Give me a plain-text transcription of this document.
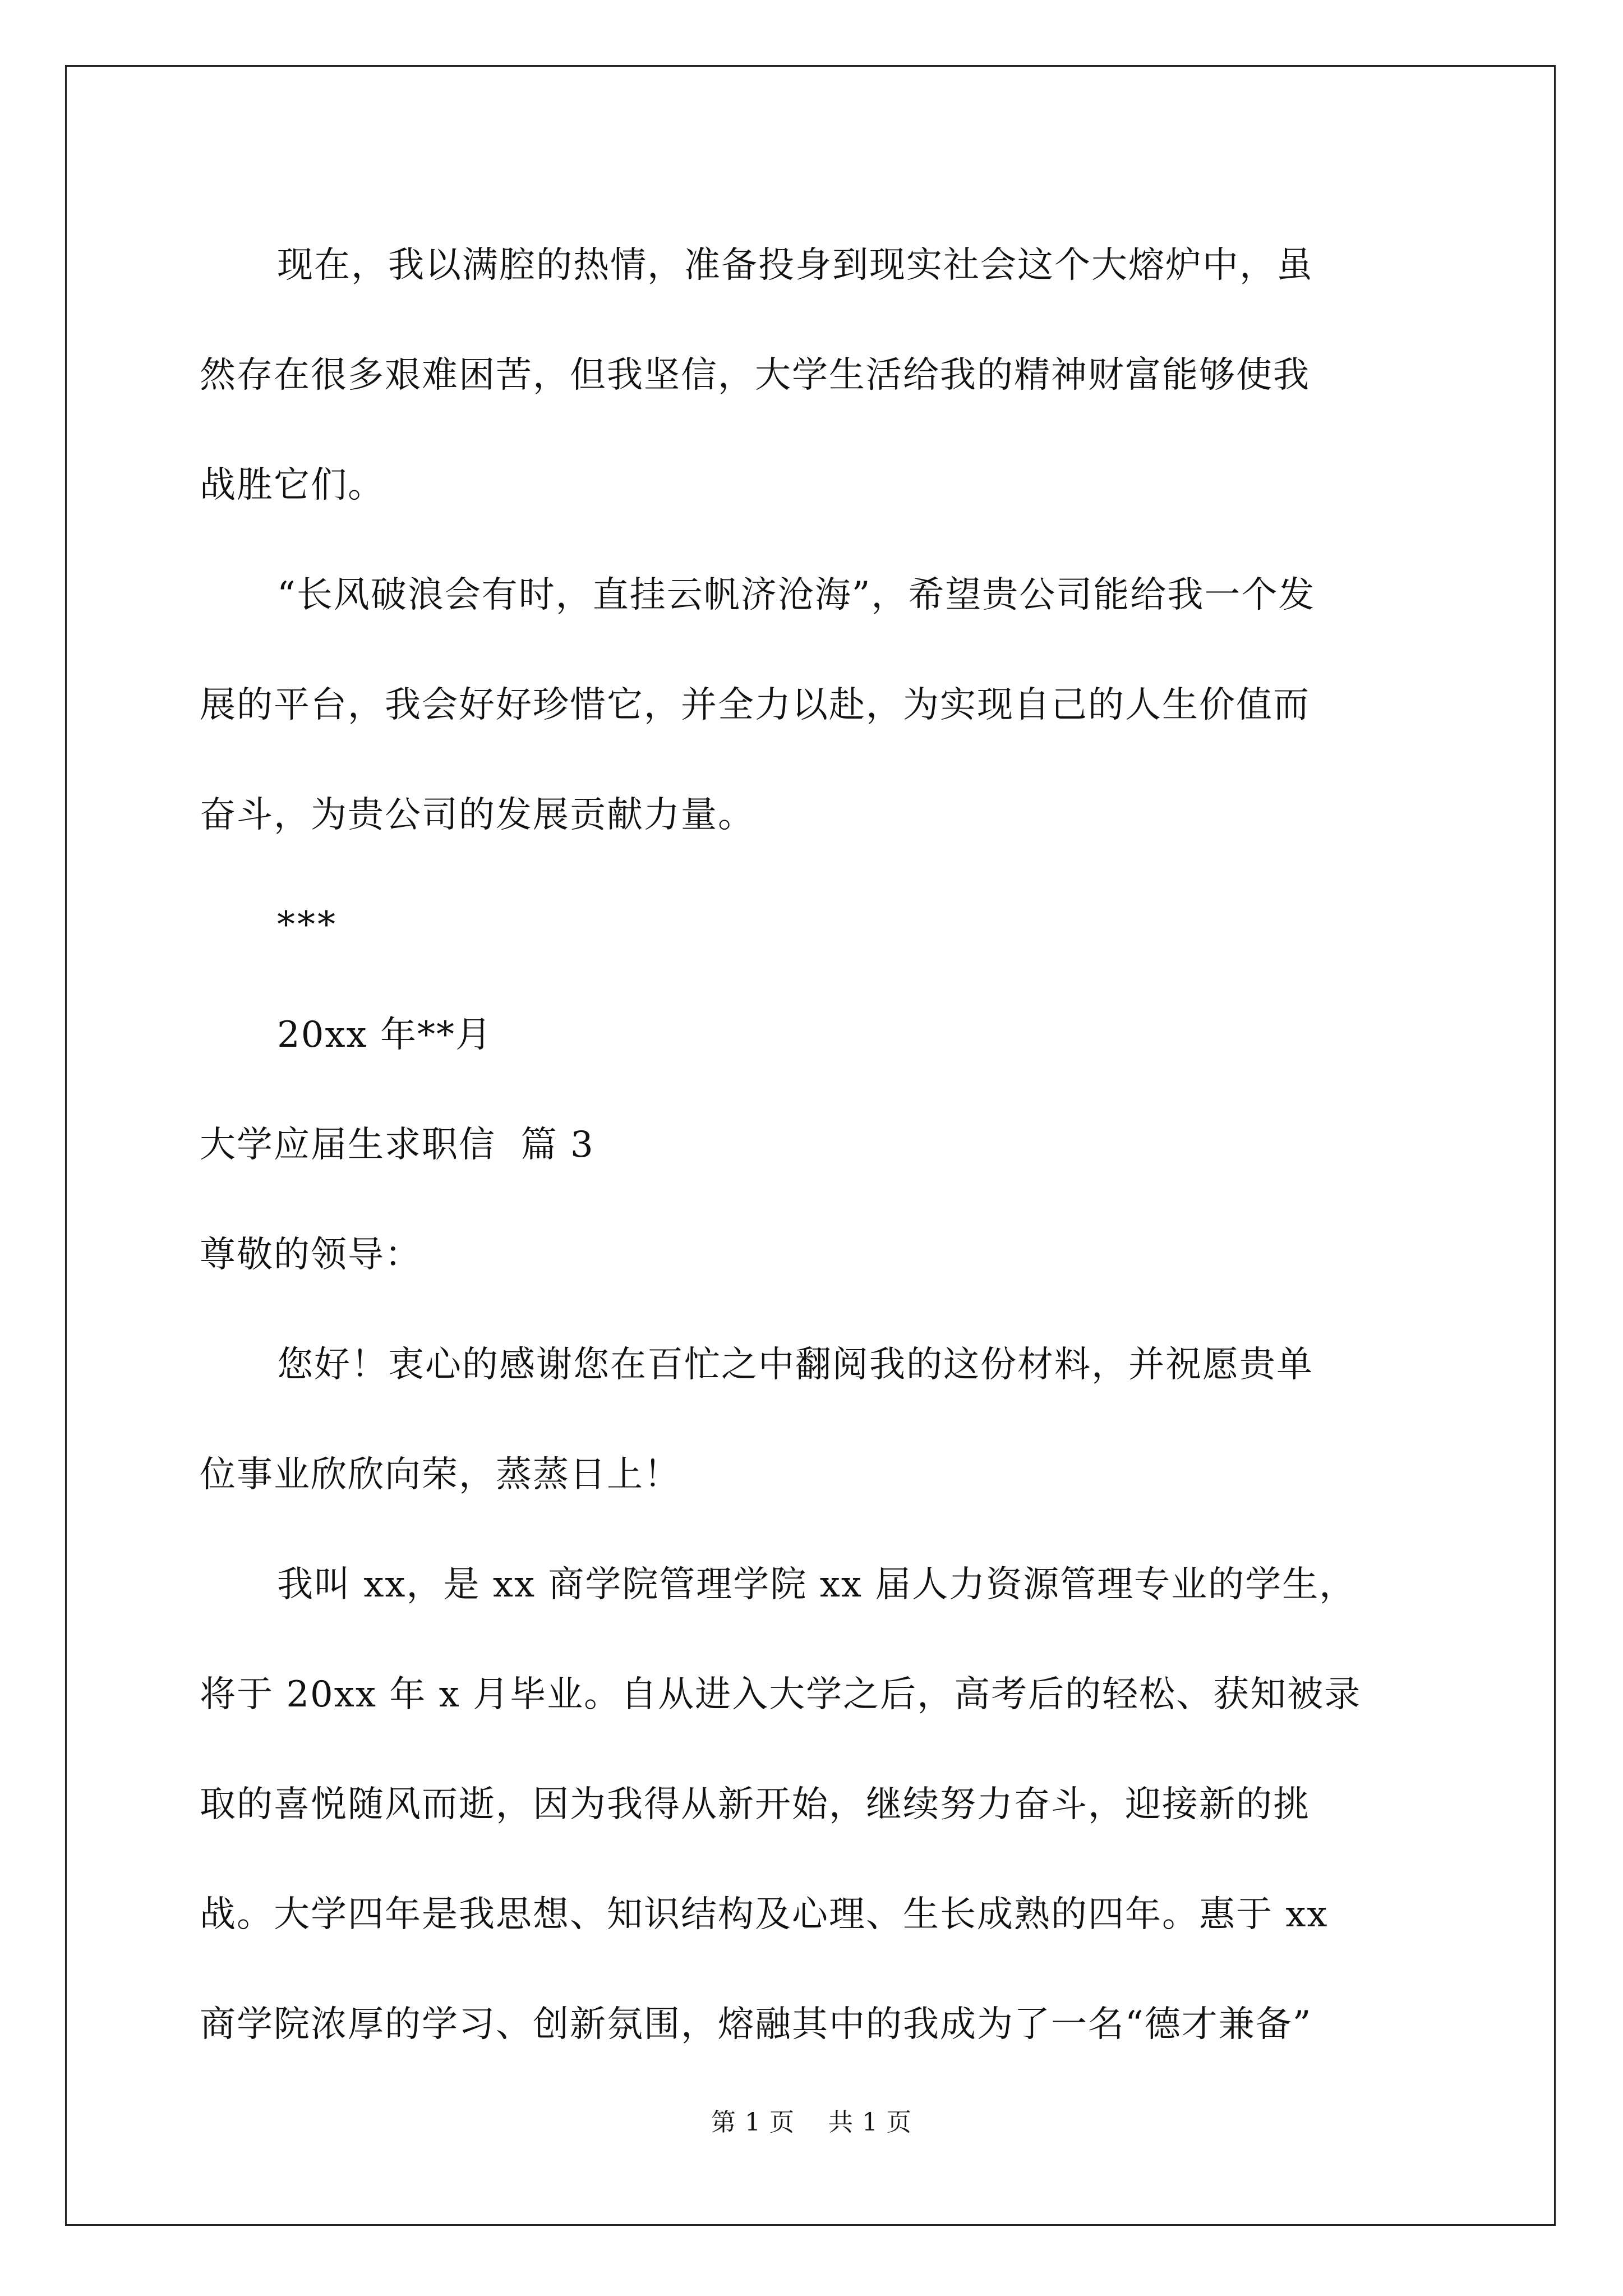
现在，我以满腔的热情，准备投身到现实社会这个大熔炉中，虽

然存在很多艰难困苦，但我坚信，大学生活给我的精神财富能够使我

战胜它们。

“长风破浪会有时，直挂云帆济沧海”，希望贵公司能给我一个发

展的平台，我会好好珍惜它，并全力以赴，为实现自己的人生价值而

奋斗，为贵公司的发展贡献力量。

***

20xx 年**月

大学应届生求职信  篇 3

尊敬的领导：

您好！衷心的感谢您在百忙之中翻阅我的这份材料，并祝愿贵单

位事业欣欣向荣，蒸蒸日上！

我叫 xx，是 xx 商学院管理学院 xx 届人力资源管理专业的学生，

将于 20xx 年 x 月毕业。自从进入大学之后，高考后的轻松、获知被录

取的喜悦随风而逝，因为我得从新开始，继续努力奋斗，迎接新的挑

战。大学四年是我思想、知识结构及心理、生长成熟的四年。惠于 xx

商学院浓厚的学习、创新氛围，熔融其中的我成为了一名“德才兼备”

第 1 页    共 1 页
